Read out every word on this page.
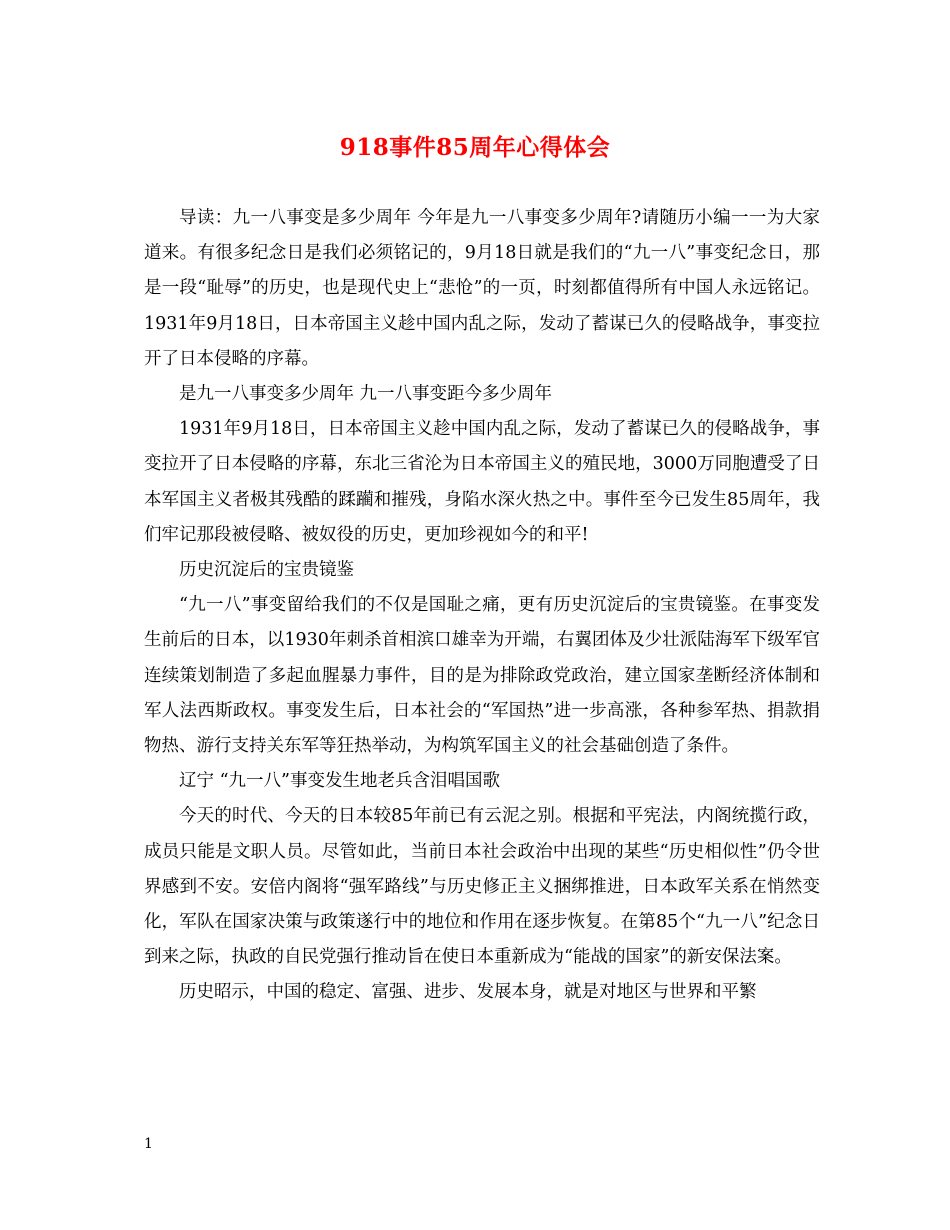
918事件85周年心得体会

导读：九一八事变是多少周年 今年是九一八事变多少周年?请随历小编一一为大家道来。有很多纪念日是我们必须铭记的，9月18日就是我们的“九一八”事变纪念日，那是一段“耻辱”的历史，也是现代史上“悲怆”的一页，时刻都值得所有中国人永远铭记。1931年9月18日，日本帝国主义趁中国内乱之际，发动了蓄谋已久的侵略战争，事变拉开了日本侵略的序幕。

是九一八事变多少周年 九一八事变距今多少周年

1931年9月18日，日本帝国主义趁中国内乱之际，发动了蓄谋已久的侵略战争，事变拉开了日本侵略的序幕，东北三省沦为日本帝国主义的殖民地，3000万同胞遭受了日本军国主义者极其残酷的蹂躏和摧残，身陷水深火热之中。事件至今已发生85周年，我们牢记那段被侵略、被奴役的历史，更加珍视如今的和平!

历史沉淀后的宝贵镜鉴

“九一八”事变留给我们的不仅是国耻之痛，更有历史沉淀后的宝贵镜鉴。在事变发生前后的日本，以1930年刺杀首相滨口雄幸为开端，右翼团体及少壮派陆海军下级军官连续策划制造了多起血腥暴力事件，目的是为排除政党政治，建立国家垄断经济体制和军人法西斯政权。事变发生后，日本社会的“军国热”进一步高涨，各种参军热、捐款捐物热、游行支持关东军等狂热举动，为构筑军国主义的社会基础创造了条件。

辽宁 “九一八”事变发生地老兵含泪唱国歌

今天的时代、今天的日本较85年前已有云泥之别。根据和平宪法，内阁统揽行政，成员只能是文职人员。尽管如此，当前日本社会政治中出现的某些“历史相似性”仍令世界感到不安。安倍内阁将“强军路线”与历史修正主义捆绑推进，日本政军关系在悄然变化，军队在国家决策与政策遂行中的地位和作用在逐步恢复。在第85个“九一八”纪念日到来之际，执政的自民党强行推动旨在使日本重新成为“能战的国家”的新安保法案。

历史昭示，中国的稳定、富强、进步、发展本身，就是对地区与世界和平繁

1
